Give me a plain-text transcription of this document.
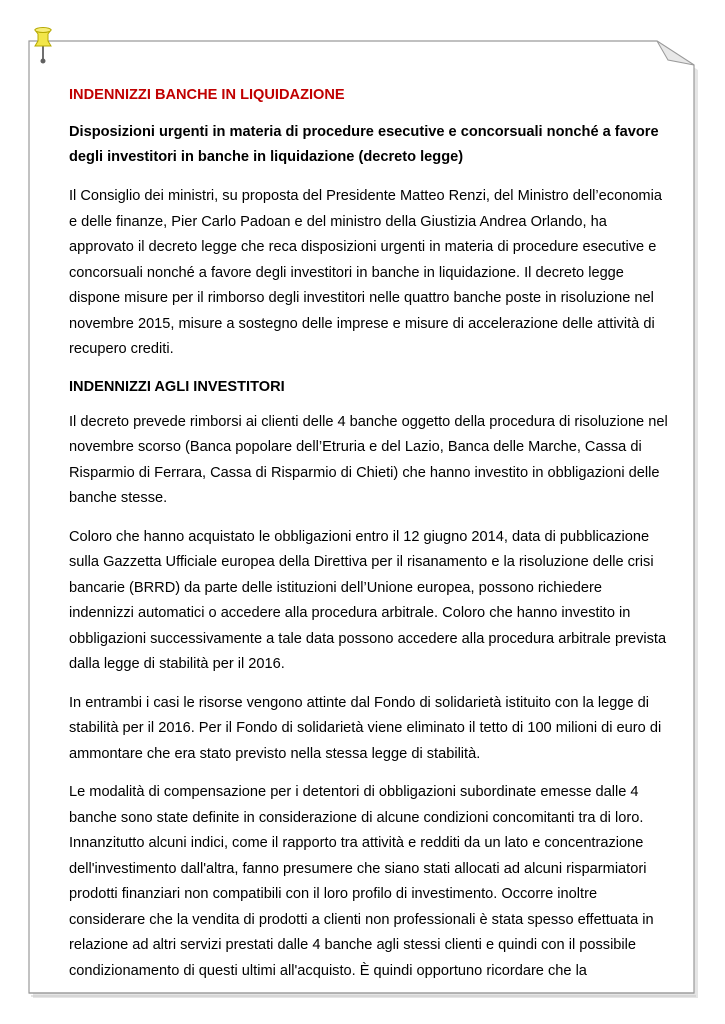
INDENNIZZI BANCHE IN LIQUIDAZIONE
Disposizioni urgenti in materia di procedure esecutive e concorsuali nonché a favore degli investitori in banche in liquidazione (decreto legge)

Il Consiglio dei ministri, su proposta del Presidente Matteo Renzi, del Ministro dell’economia e delle finanze, Pier Carlo Padoan e del ministro della Giustizia Andrea Orlando, ha approvato il decreto legge che reca disposizioni urgenti in materia di procedure esecutive e concorsuali nonché a favore degli investitori in banche in liquidazione. Il decreto legge dispone misure per il rimborso degli investitori nelle quattro banche poste in risoluzione nel novembre 2015, misure a sostegno delle imprese e misure di accelerazione delle attività di recupero crediti.

INDENNIZZI AGLI INVESTITORI

Il decreto prevede rimborsi ai clienti delle 4 banche oggetto della procedura di risoluzione nel novembre scorso (Banca popolare dell’Etruria e del Lazio, Banca delle Marche, Cassa di Risparmio di Ferrara, Cassa di Risparmio di Chieti) che hanno investito in obbligazioni delle banche stesse.

Coloro che hanno acquistato le obbligazioni entro il 12 giugno 2014, data di pubblicazione sulla Gazzetta Ufficiale europea della Direttiva per il risanamento e la risoluzione delle crisi bancarie (BRRD) da parte delle istituzioni dell’Unione europea, possono richiedere indennizzi automatici o accedere alla procedura arbitrale. Coloro che hanno investito in obbligazioni successivamente a tale data possono accedere alla procedura arbitrale prevista dalla legge di stabilità per il 2016.

In entrambi i casi le risorse vengono attinte dal Fondo di solidarietà istituito con la legge di stabilità per il 2016. Per il Fondo di solidarietà viene eliminato il tetto di 100 milioni di euro di ammontare che era stato previsto nella stessa legge di stabilità.

Le modalità di compensazione per i detentori di obbligazioni subordinate emesse dalle 4 banche sono state definite in considerazione di alcune condizioni concomitanti tra di loro. Innanzitutto alcuni indici, come il rapporto tra attività e redditi da un lato e concentrazione dell'investimento dall'altra, fanno presumere che siano stati allocati ad alcuni risparmiatori prodotti finanziari non compatibili con il loro profilo di investimento. Occorre inoltre considerare che la vendita di prodotti a clienti non professionali è stata spesso effettuata in relazione ad altri servizi prestati dalle 4 banche agli stessi clienti e quindi con il possibile condizionamento di questi ultimi all'acquisto. È quindi opportuno ricordare che la
